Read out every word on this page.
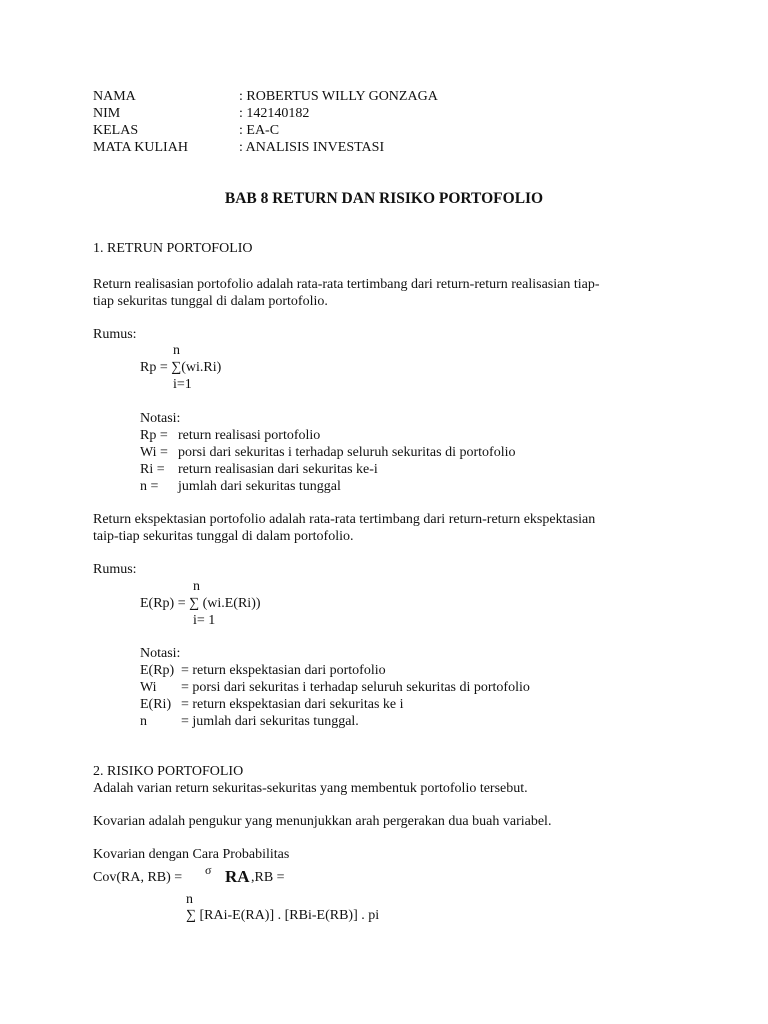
NAMA	: ROBERTUS WILLY GONZAGA
NIM	: 142140182
KELAS	: EA-C
MATA KULIAH	: ANALISIS INVESTASI
BAB 8 RETURN DAN RISIKO PORTOFOLIO
1. RETRUN PORTOFOLIO
Return realisasian portofolio adalah rata-rata tertimbang dari return-return realisasian tiap-
tiap sekuritas tunggal di dalam portofolio.
Rumus:
n
Rp = ∑(wi.Ri)
i=1
Notasi:
Rp = return realisasi portofolio
Wi = porsi dari sekuritas i terhadap seluruh sekuritas di portofolio
Ri = return realisasian dari sekuritas ke-i
n = jumlah dari sekuritas tunggal
Return ekspektasian portofolio adalah rata-rata tertimbang dari return-return ekspektasian
taip-tiap sekuritas tunggal di dalam portofolio.
Rumus:
n
E(Rp) = ∑ (wi.E(Ri))
i= 1
Notasi:
E(Rp) = return ekspektasian dari portofolio
Wi = porsi dari sekuritas i terhadap seluruh sekuritas di portofolio
E(Ri) = return ekspektasian dari sekuritas ke i
n = jumlah dari sekuritas tunggal.
2. RISIKO PORTOFOLIO
Adalah varian return sekuritas-sekuritas yang membentuk portofolio tersebut.
Kovarian adalah pengukur yang menunjukkan arah pergerakan dua buah variabel.
Kovarian dengan Cara Probabilitas
Cov(RA, RB) = σ RA ,RB =
n
∑ [RAi-E(RA)] . [RBi-E(RB)] . pi
